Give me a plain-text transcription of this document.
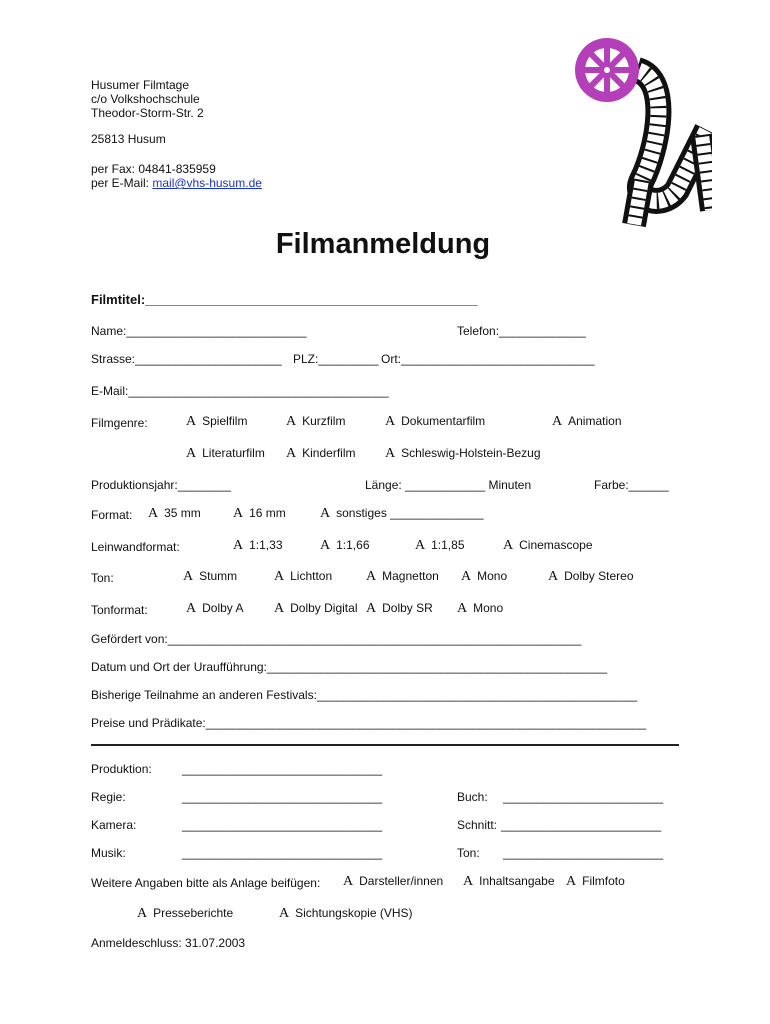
Husumer Filmtage
c/o Volkshochschule
Theodor-Storm-Str. 2
25813 Husum
per Fax: 04841-835959
per E-Mail: mail@vhs-husum.de
Filmanmeldung
Filmtitel:______________________________________________
Name:___________________________	Telefon:_____________
Strasse:______________________ PLZ:_________ Ort:_____________________________
E-Mail:_______________________________________
Filmgenre:	A Spielfilm	A Kurzfilm	A Dokumentarfilm	A Animation
A Literaturfilm A Kinderfilm A Schleswig-Holstein-Bezug
Produktionsjahr:________	Länge: ____________ Minuten	Farbe:______
Format: A 35 mm A 16 mm A sonstiges ______________
Leinwandformat:	A 1:1,33	A 1:1,66	A 1:1,85	A Cinemascope
Ton:	A Stumm	A Lichtton A Magnetton A Mono	A Dolby Stereo
Tonformat:	A Dolby A A Dolby Digital A Dolby SR A Mono
Gefördert von:______________________________________________________________
Datum und Ort der Uraufführung:___________________________________________________
Bisherige Teilnahme an anderen Festivals:________________________________________________
Preise und Prädikate:__________________________________________________________________
Produktion:	______________________________
Regie:	______________________________	Buch: ________________________
Kamera:	______________________________	Schnitt: ________________________
Musik:	______________________________	Ton: ________________________
Weitere Angaben bitte als Anlage beifügen: A Darsteller/innen A Inhaltsangabe A Filmfoto
A Presseberichte	A Sichtungskopie (VHS)
Anmeldeschluss: 31.07.2003
